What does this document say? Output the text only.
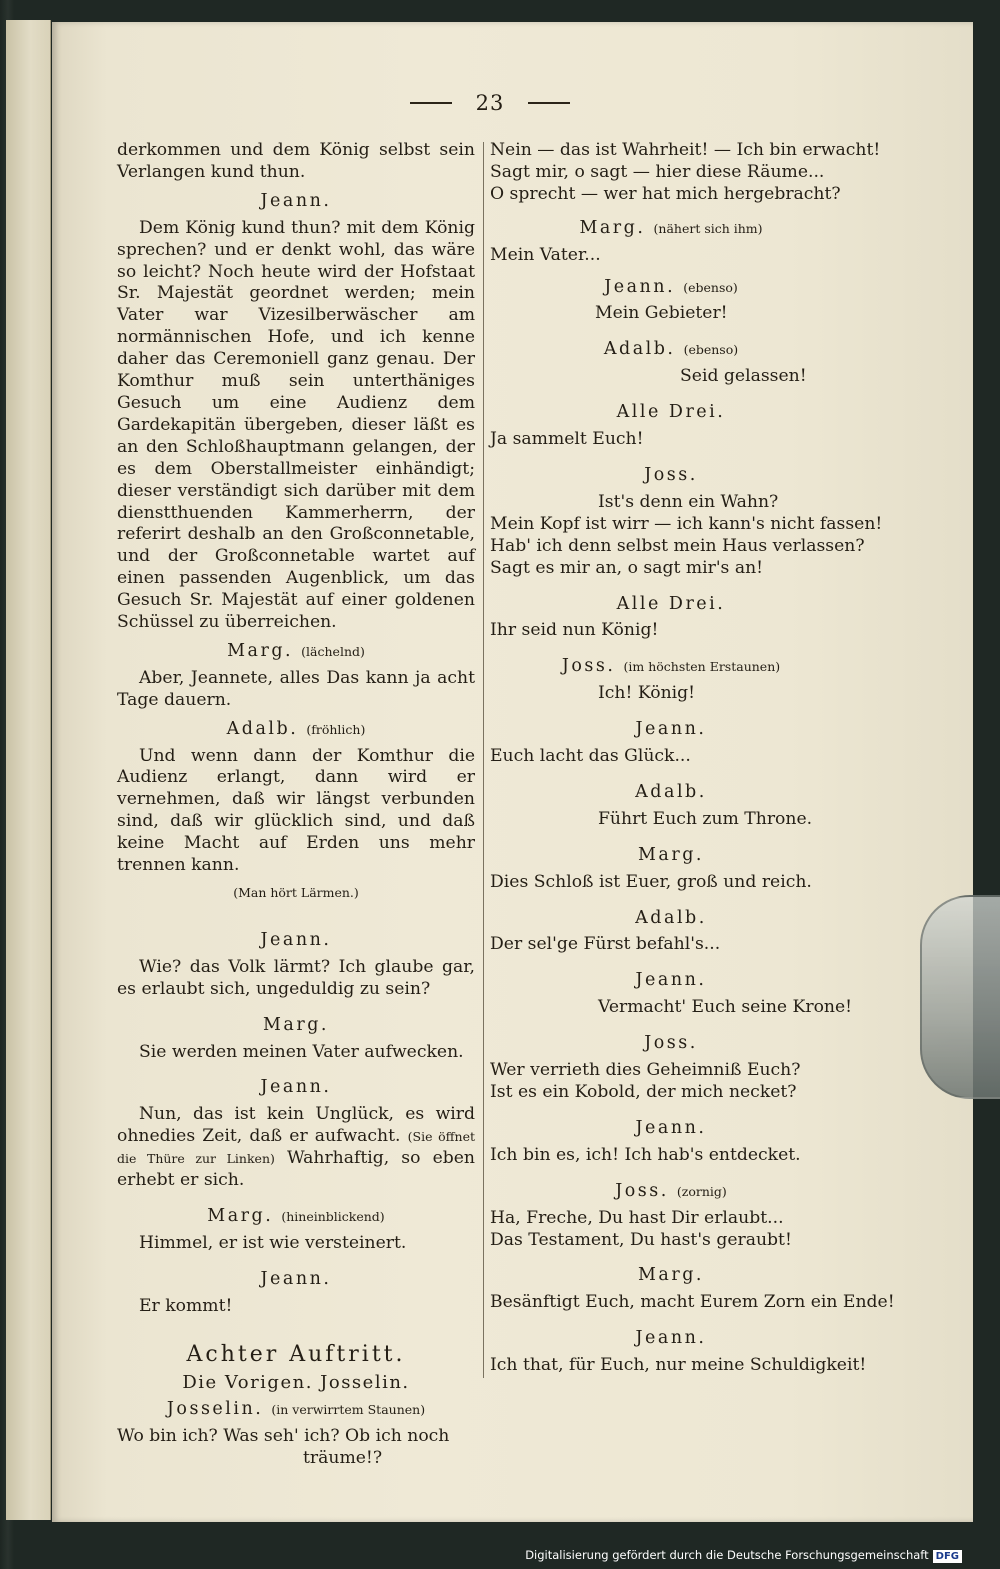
23

derkommen und dem König selbst sein Verlangen kund thun.

Jeann.

Dem König kund thun? mit dem König sprechen? und er denkt wohl, das wäre so leicht? Noch heute wird der Hofstaat Sr. Majestät geordnet werden; mein Vater war Vizesilberwäscher am normännischen Hofe, und ich kenne daher das Ceremoniell ganz genau. Der Komthur muß sein unterthäniges Gesuch um eine Audienz dem Gardekapitän übergeben, dieser läßt es an den Schloßhauptmann gelangen, der es dem Oberstallmeister einhändigt; dieser verständigt sich darüber mit dem dienstthuenden Kammerherrn, der referirt deshalb an den Großconnetable, und der Großconnetable wartet auf einen passenden Augenblick, um das Gesuch Sr. Majestät auf einer goldenen Schüssel zu überreichen.

Marg. (lächelnd)

Aber, Jeannete, alles Das kann ja acht Tage dauern.

Adalb. (fröhlich)

Und wenn dann der Komthur die Audienz erlangt, dann wird er vernehmen, daß wir längst verbunden sind, daß wir glücklich sind, und daß keine Macht auf Erden uns mehr trennen kann.

(Man hört Lärmen.)
Jeann.

Wie? das Volk lärmt? Ich glaube gar, es erlaubt sich, ungeduldig zu sein?

Marg.

Sie werden meinen Vater aufwecken.

Jeann.

Nun, das ist kein Unglück, es wird ohnedies Zeit, daß er aufwacht. (Sie öffnet die Thüre zur Linken) Wahrhaftig, so eben erhebt er sich.

Marg. (hineinblickend)

Himmel, er ist wie versteinert.

Jeann.

Er kommt!

Achter Auftritt.
Die Vorigen. Josselin.
Josselin. (in verwirrtem Staunen)

Wo bin ich? Was seh' ich? Ob ich noch

träume!?

Nein — das ist Wahrheit! — Ich bin erwacht!

Sagt mir, o sagt — hier diese Räume...

O sprecht — wer hat mich hergebracht?

Marg. (nähert sich ihm)

Mein Vater...

Jeann. (ebenso)

Mein Gebieter!

Adalb. (ebenso)

Seid gelassen!

Alle Drei.

Ja sammelt Euch!

Joss.

Ist's denn ein Wahn?

Mein Kopf ist wirr — ich kann's nicht fassen!

Hab' ich denn selbst mein Haus verlassen?

Sagt es mir an, o sagt mir's an!

Alle Drei.

Ihr seid nun König!

Joss. (im höchsten Erstaunen)

Ich! König!

Jeann.

Euch lacht das Glück...

Adalb.

Führt Euch zum Throne.

Marg.

Dies Schloß ist Euer, groß und reich.

Adalb.

Der sel'ge Fürst befahl's...

Jeann.

Vermacht' Euch seine Krone!

Joss.

Wer verrieth dies Geheimniß Euch?

Ist es ein Kobold, der mich necket?

Jeann.

Ich bin es, ich! Ich hab's entdecket.

Joss. (zornig)

Ha, Freche, Du hast Dir erlaubt...

Das Testament, Du hast's geraubt!

Marg.

Besänftigt Euch, macht Eurem Zorn ein Ende!

Jeann.

Ich that, für Euch, nur meine Schuldigkeit!

Digitalisierung gefördert durch die Deutsche Forschungsgemeinschaft DFG
